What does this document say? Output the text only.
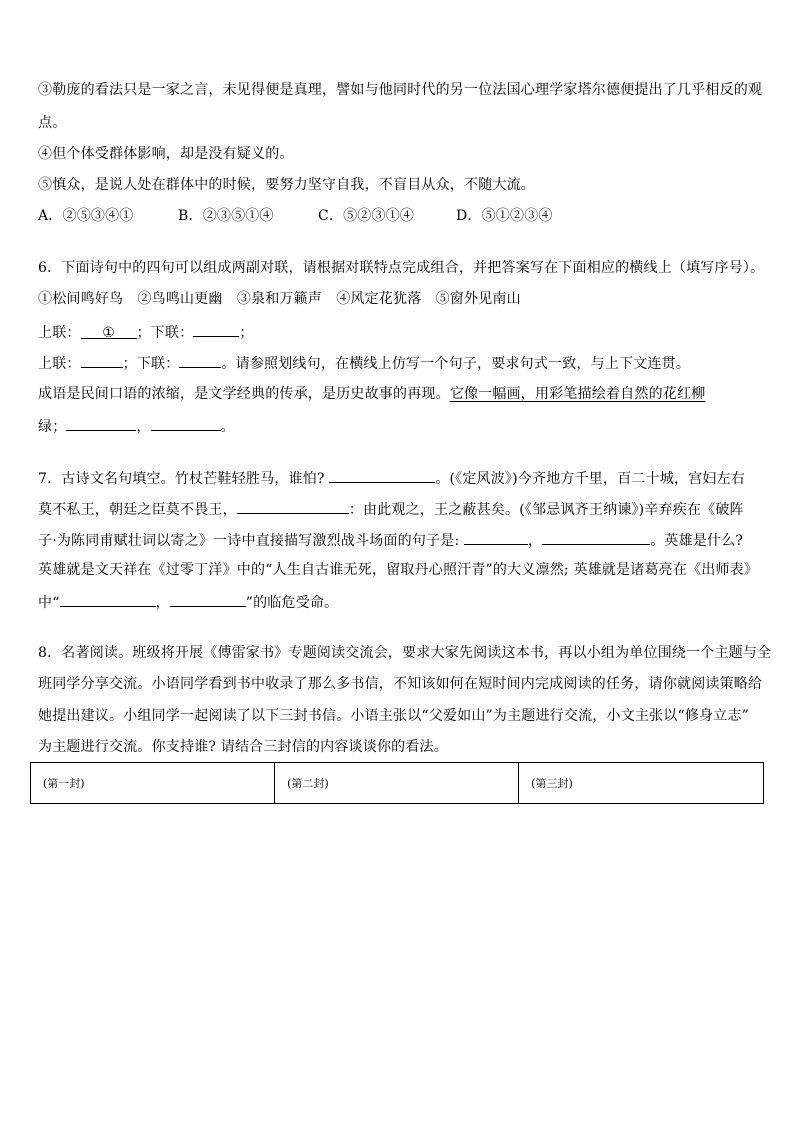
③勒庞的看法只是一家之言，未见得便是真理，譬如与他同时代的另一位法国心理学家塔尔德便提出了几乎相反的观
点。
④但个体受群体影响，却是没有疑义的。
⑤慎众，是说人处在群体中的时候，要努力坚守自我，不盲目从众，不随大流。
A．②⑤③④①	B．②③⑤①④	C．⑤②③①④	D．⑤①②③④
6．下面诗句中的四句可以组成两副对联，请根据对联特点完成组合，并把答案写在下面相应的横线上（填写序号）。
①松间鸣好鸟　②鸟鸣山更幽　③泉和万籁声　④风定花犹落　⑤窗外见南山
上联： ① ；下联：	；
上联：	；下联：	。请参照划线句，在横线上仿写一个句子，要求句式一致，与上下文连贯。
成语是民间口语的浓缩，是文学经典的传承，是历史故事的再现。它像一幅画，用彩笔描绘着自然的花红柳
绿；	，	。
7．古诗文名句填空。竹杖芒鞋轻胜马，谁怕?	。(《定风波》)今齐地方千里，百二十城，宫妇左右
莫不私王，朝廷之臣莫不畏王，	：由此观之，王之蔽甚矣。(《邹忌讽齐王纳谏》)辛弃疾在《破阵
子·为陈同甫赋壮词以寄之》一诗中直接描写激烈战斗场面的句子是:	，	。英雄是什么?
英雄就是文天祥在《过零丁洋》中的“人生自古谁无死，留取丹心照汗青”的大义凛然; 英雄就是诸葛亮在《出师表》
中“	，	”的临危受命。
8．名著阅读。班级将开展《傅雷家书》专题阅读交流会，要求大家先阅读这本书，再以小组为单位围绕一个主题与全
班同学分享交流。小语同学看到书中收录了那么多书信，不知该如何在短时间内完成阅读的任务，请你就阅读策略给
她提出建议。小组同学一起阅读了以下三封书信。小语主张以“父爱如山”为主题进行交流，小文主张以“修身立志”
为主题进行交流。你支持谁? 请结合三封信的内容谈谈你的看法。
(第一封)	(第二封)	(第三封)
